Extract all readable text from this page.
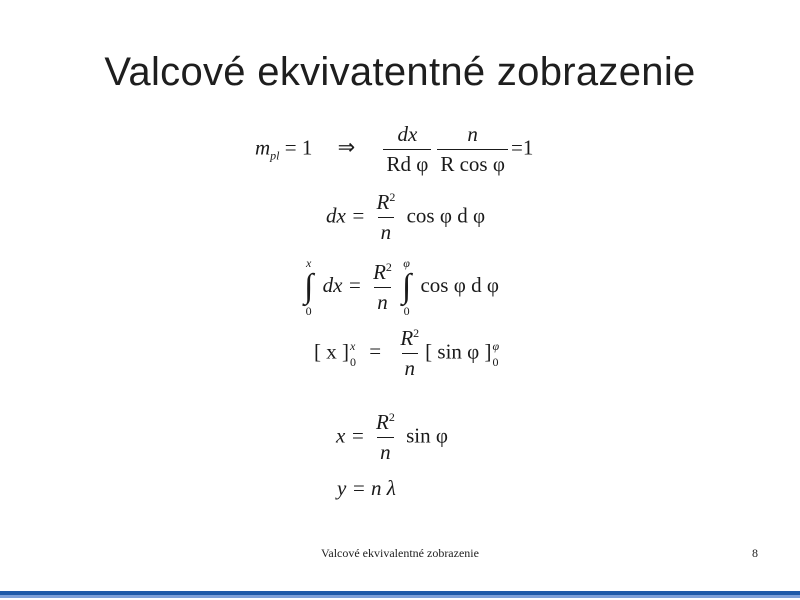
Valcové ekvivatentné zobrazenie
$m_{pl} = 1$ ⇒ $\frac{dx}{\text{Rd φ}} \frac{n}{\text{R cos φ}} =1$
dx = $\frac{R^2}{n}$ cos φ d φ
x
∫
0
dx = $\frac{R^2}{n}$ φ
∫
0
cos φ d φ
[ x ] x
$0 = \frac{R^2}{n}$ [ sin φ ] φ
0
$x = \frac{R^2}{n}$ sin φ
y = n λ
Valcové ekvivalentné zobrazenie	8
